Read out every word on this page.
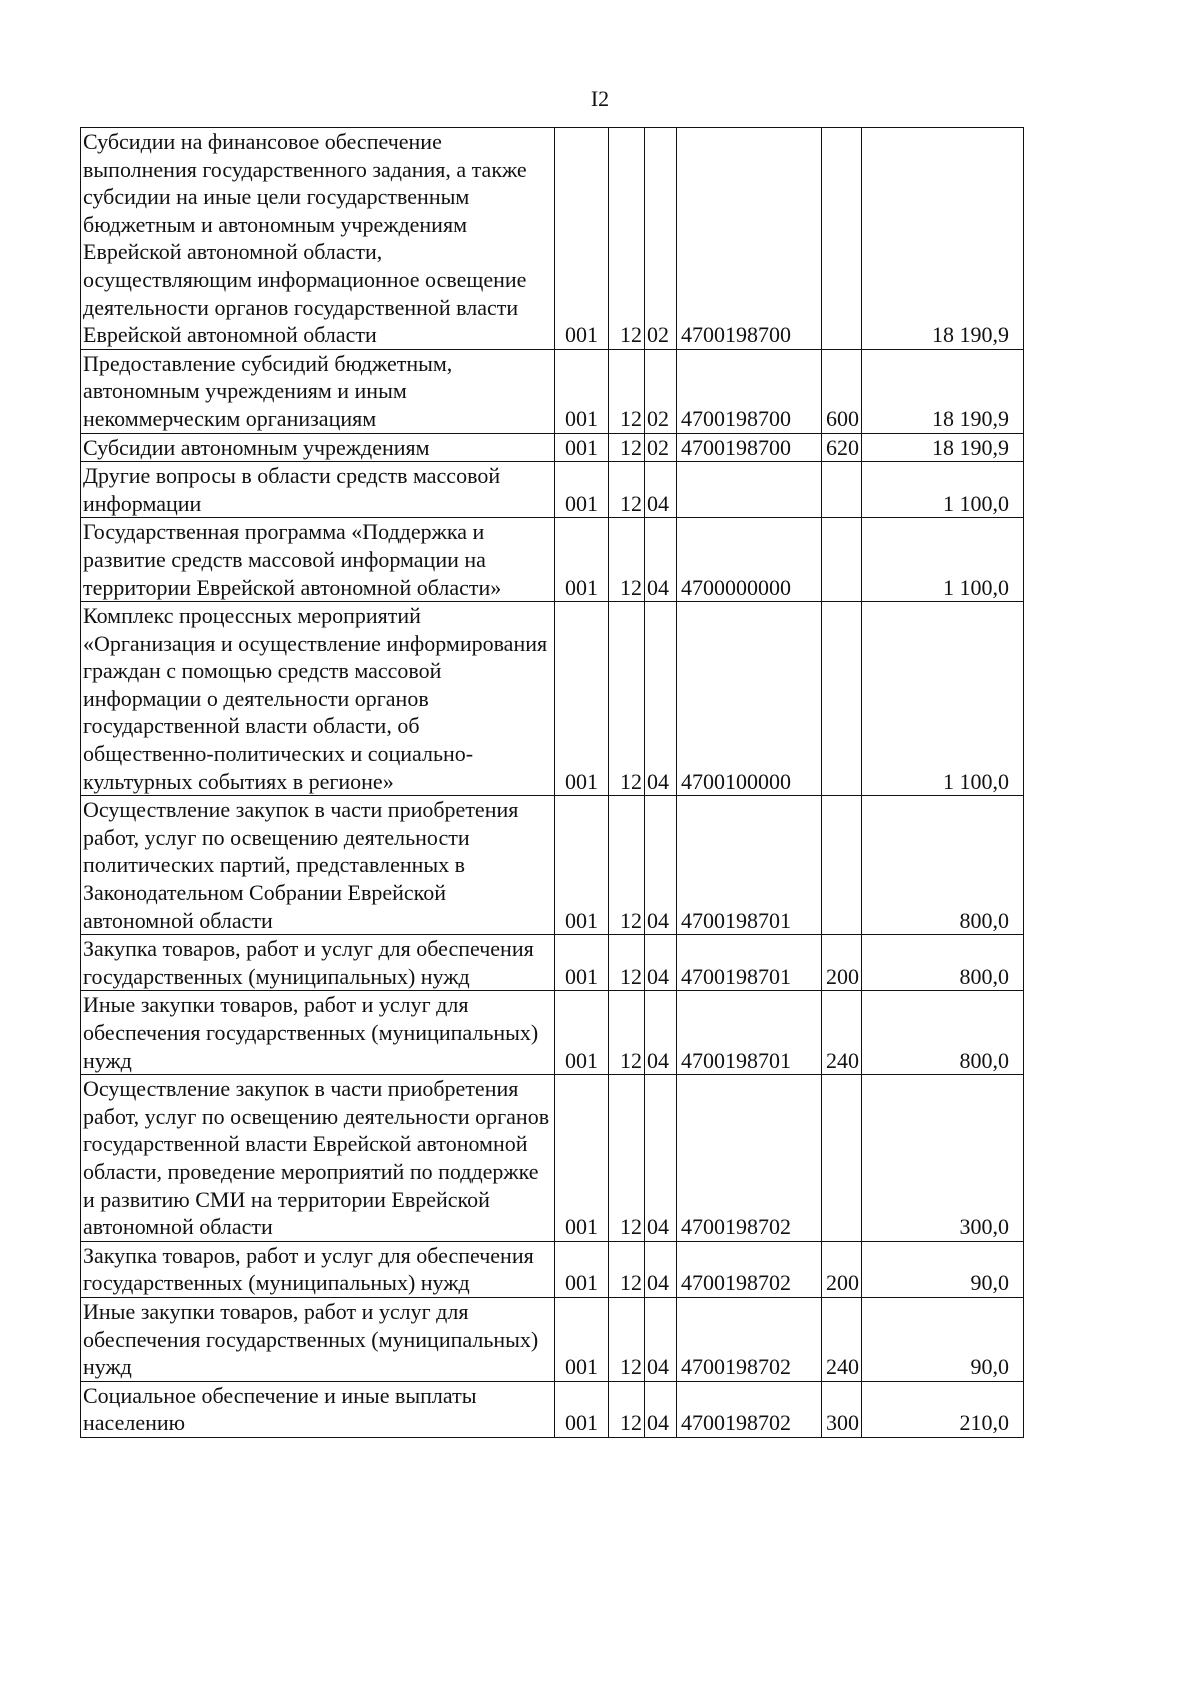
I2
Субсидии на финансовое обеспечение выполнения государственного задания, а также субсидии на иные цели государственным бюджетным и автономным учреждениям Еврейской автономной области, осуществляющим информационное освещение деятельности органов государственной власти Еврейской автономной области	001	12	02	4700198700		18 190,9
Предоставление субсидий бюджетным, автономным учреждениям и иным некоммерческим организациям	001	12	02	4700198700	600	18 190,9
Субсидии автономным учреждениям	001	12	02	4700198700	620	18 190,9
Другие вопросы в области средств массовой информации	001	12	04			1 100,0
Государственная программа «Поддержка и развитие средств массовой информации на территории Еврейской автономной области»	001	12	04	4700000000		1 100,0
Комплекс процессных мероприятий «Организация и осуществление информирования граждан с помощью средств массовой информации о деятельности органов государственной власти области, об общественно-политических и социально-культурных событиях в регионе»	001	12	04	4700100000		1 100,0
Осуществление закупок в части приобретения работ, услуг по освещению деятельности политических партий, представленных в Законодательном Собрании Еврейской автономной области	001	12	04	4700198701		800,0
Закупка товаров, работ и услуг для обеспечения государственных (муниципальных) нужд	001	12	04	4700198701	200	800,0
Иные закупки товаров, работ и услуг для обеспечения государственных (муниципальных) нужд	001	12	04	4700198701	240	800,0
Осуществление закупок в части приобретения работ, услуг по освещению деятельности органов государственной власти Еврейской автономной области, проведение мероприятий по поддержке и развитию СМИ на территории Еврейской автономной области	001	12	04	4700198702		300,0
Закупка товаров, работ и услуг для обеспечения государственных (муниципальных) нужд	001	12	04	4700198702	200	90,0
Иные закупки товаров, работ и услуг для обеспечения государственных (муниципальных) нужд	001	12	04	4700198702	240	90,0
Социальное обеспечение и иные выплаты населению	001	12	04	4700198702	300	210,0
